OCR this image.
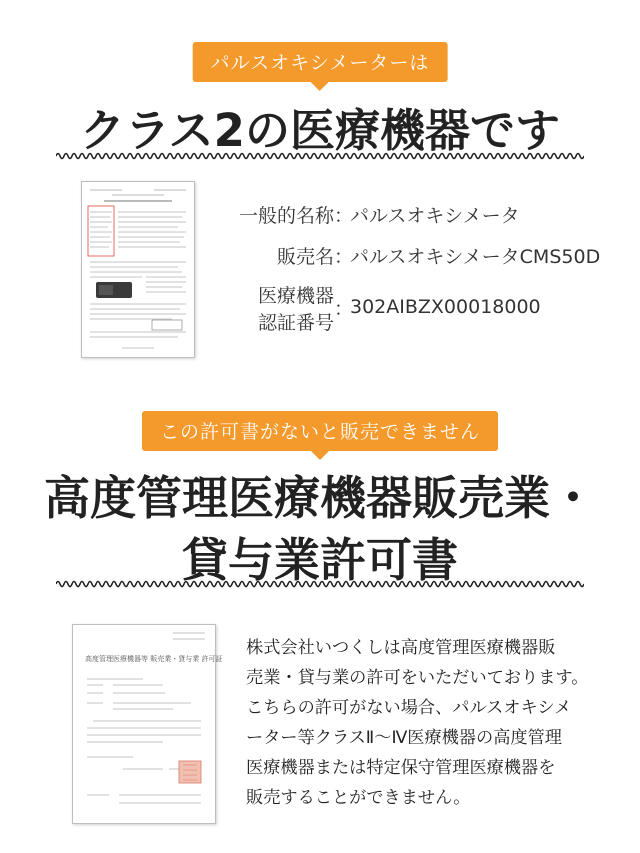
パルスオキシメーターは
クラス2の医療機器です
一般的名称 ：
パルスオキシメータ
販売名 ：
パルスオキシメータCMS50D
医療機器
認証番号
：
302AIBZX00018000
この許可書がないと販売できません
高度管理医療機器販売業・
貸与業許可書
高度管理医療機器等 販売業・貸与業 許可証
株式会社いつくしは高度管理医療機器販
売業・貸与業の許可をいただいております。
こちらの許可がない場合、パルスオキシメ
ーター等クラスⅡ～Ⅳ医療機器の高度管理
医療機器または特定保守管理医療機器を
販売することができません。
